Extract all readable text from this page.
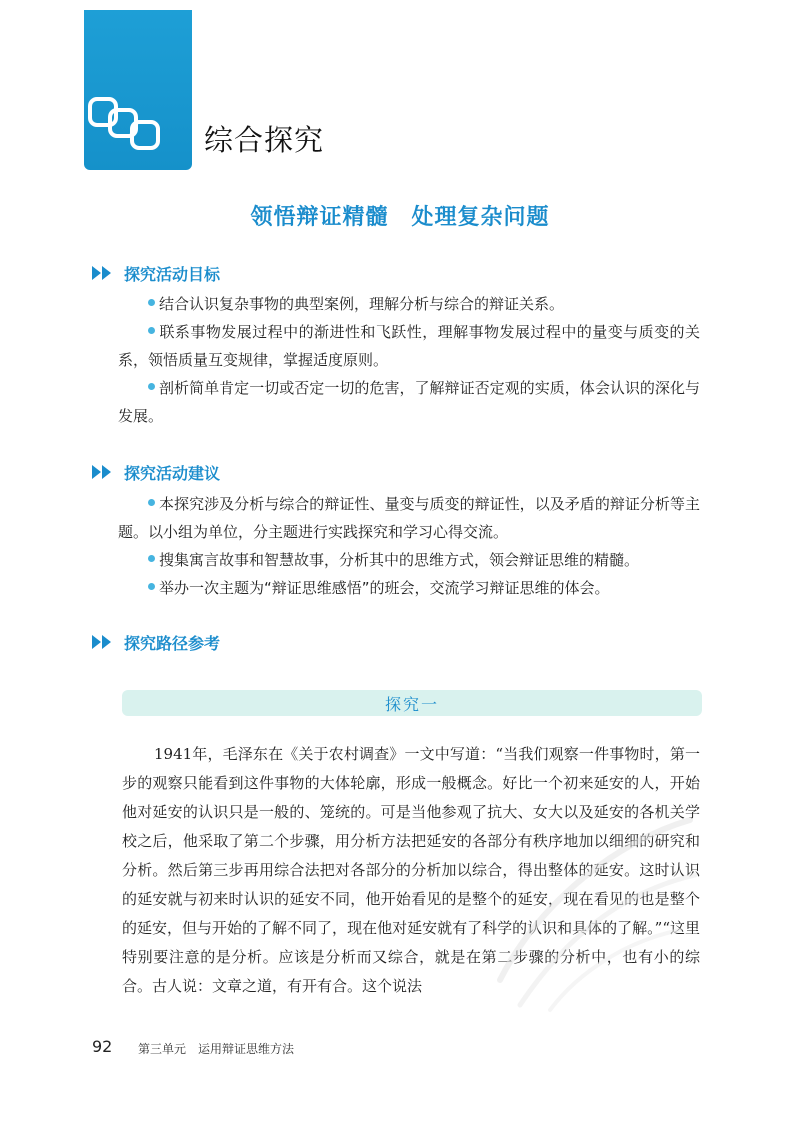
综合探究
领悟辩证精髓　处理复杂问题
探究活动目标
结合认识复杂事物的典型案例，理解分析与综合的辩证关系。
联系事物发展过程中的渐进性和飞跃性，理解事物发展过程中的量变与质变的关系，领悟质量互变规律，掌握适度原则。
剖析简单肯定一切或否定一切的危害，了解辩证否定观的实质，体会认识的深化与发展。
探究活动建议
本探究涉及分析与综合的辩证性、量变与质变的辩证性，以及矛盾的辩证分析等主题。以小组为单位，分主题进行实践探究和学习心得交流。
搜集寓言故事和智慧故事，分析其中的思维方式，领会辩证思维的精髓。
举办一次主题为“辩证思维感悟”的班会，交流学习辩证思维的体会。
探究路径参考
探究一
1941年，毛泽东在《关于农村调查》一文中写道：“当我们观察一件事物时，第一步的观察只能看到这件事物的大体轮廓，形成一般概念。好比一个初来延安的人，开始他对延安的认识只是一般的、笼统的。可是当他参观了抗大、女大以及延安的各机关学校之后，他采取了第二个步骤，用分析方法把延安的各部分有秩序地加以细细的研究和分析。然后第三步再用综合法把对各部分的分析加以综合，得出整体的延安。这时认识的延安就与初来时认识的延安不同，他开始看见的是整个的延安，现在看见的也是整个的延安，但与开始的了解不同了，现在他对延安就有了科学的认识和具体的了解。”“这里特别要注意的是分析。应该是分析而又综合，就是在第二步骤的分析中，也有小的综合。古人说：文章之道，有开有合。这个说法
92 第三单元　运用辩证思维方法
